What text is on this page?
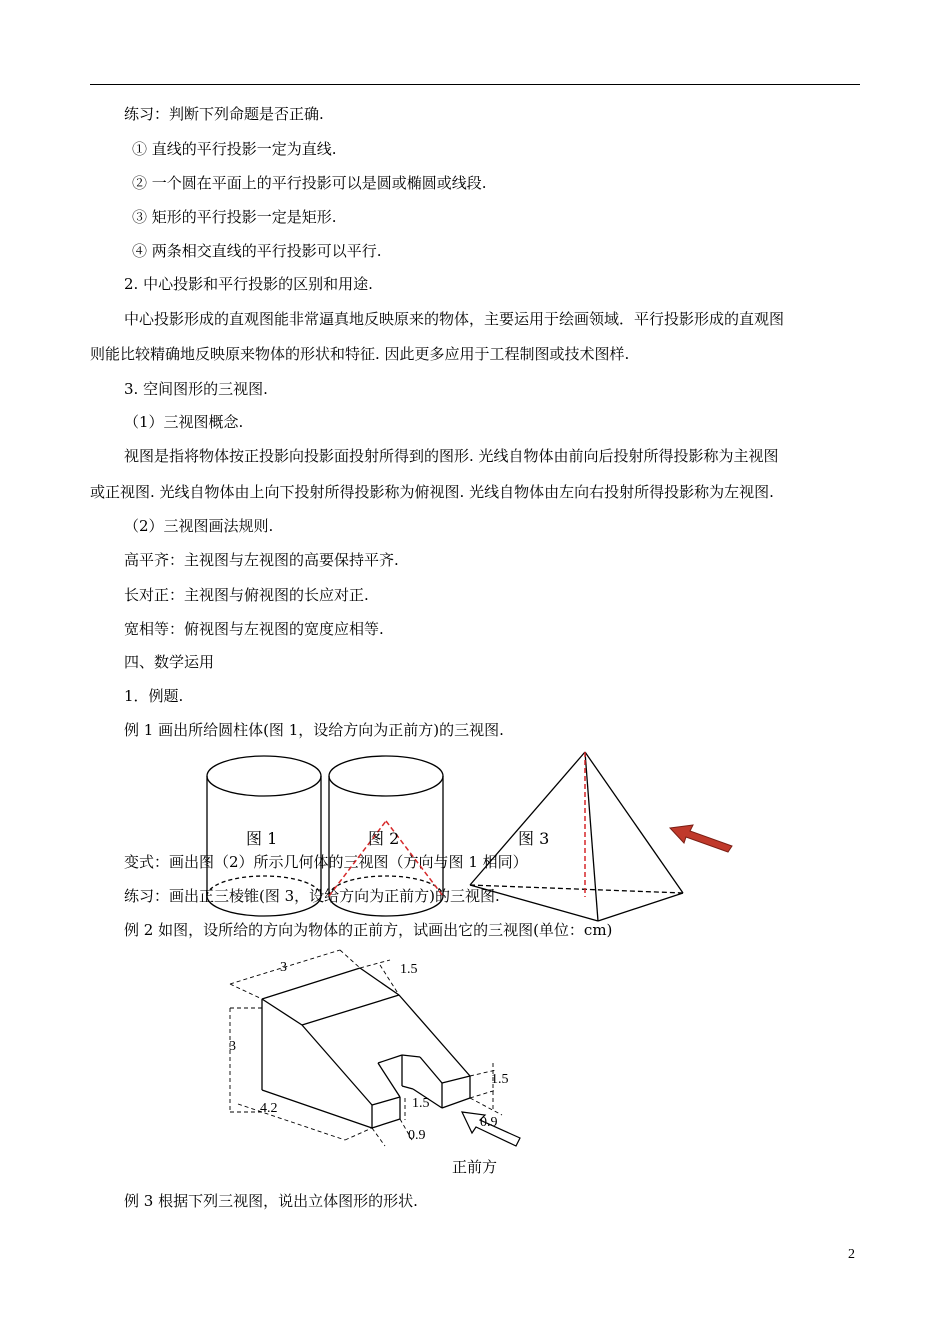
练习：判断下列命题是否正确.
① 直线的平行投影一定为直线.
② 一个圆在平面上的平行投影可以是圆或椭圆或线段.
③ 矩形的平行投影一定是矩形.
④ 两条相交直线的平行投影可以平行.
2. 中心投影和平行投影的区别和用途.
中心投影形成的直观图能非常逼真地反映原来的物体，主要运用于绘画领域．平行投影形成的直观图
则能比较精确地反映原来物体的形状和特征. 因此更多应用于工程制图或技术图样.
3. 空间图形的三视图.
（1）三视图概念.
视图是指将物体按正投影向投影面投射所得到的图形. 光线自物体由前向后投射所得投影称为主视图
或正视图. 光线自物体由上向下投射所得投影称为俯视图. 光线自物体由左向右投射所得投影称为左视图.
（2）三视图画法规则.
高平齐：主视图与左视图的高要保持平齐.
长对正：主视图与俯视图的长应对正.
宽相等：俯视图与左视图的宽度应相等.
四、数学运用
1．例题.
例 1 画出所给圆柱体(图 1，设给方向为正前方)的三视图.
变式：画出图（2）所示几何体的三视图（方向与图 1 相同）
练习：画出正三棱锥(图 3，设给方向为正前方)的三视图.
例 2 如图，设所给的方向为物体的正前方，试画出它的三视图(单位：cm)
例 3 根据下列三视图，说出立体图形的形状.
图 1	图 2	图 3
3	1.5
3
4.2
1.5
1.5
0.9
0.9
正前方
2
